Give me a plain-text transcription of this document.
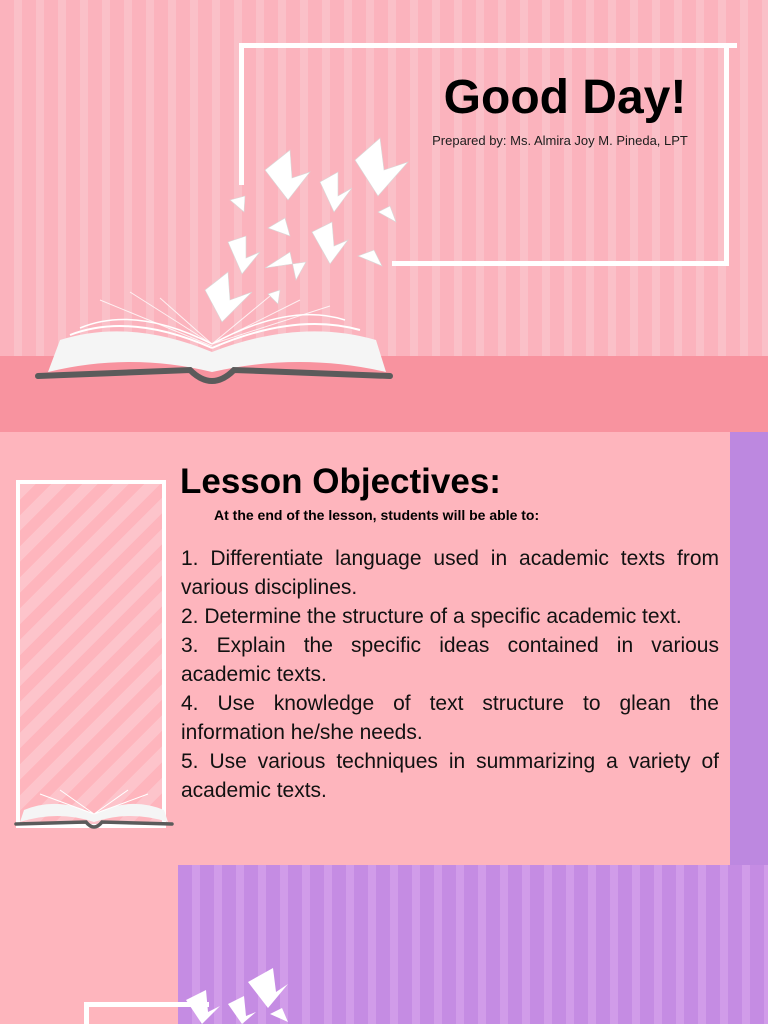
Good Day!
Prepared by: Ms. Almira Joy M. Pineda, LPT
Lesson Objectives:
At the end of the lesson, students will be able to:
1. Differentiate language used in academic texts from various disciplines.
2. Determine the structure of a specific academic text.
3. Explain the specific ideas contained in various academic texts.
4. Use knowledge of text structure to glean the information he/she needs.
5. Use various techniques in summarizing a variety of academic texts.
